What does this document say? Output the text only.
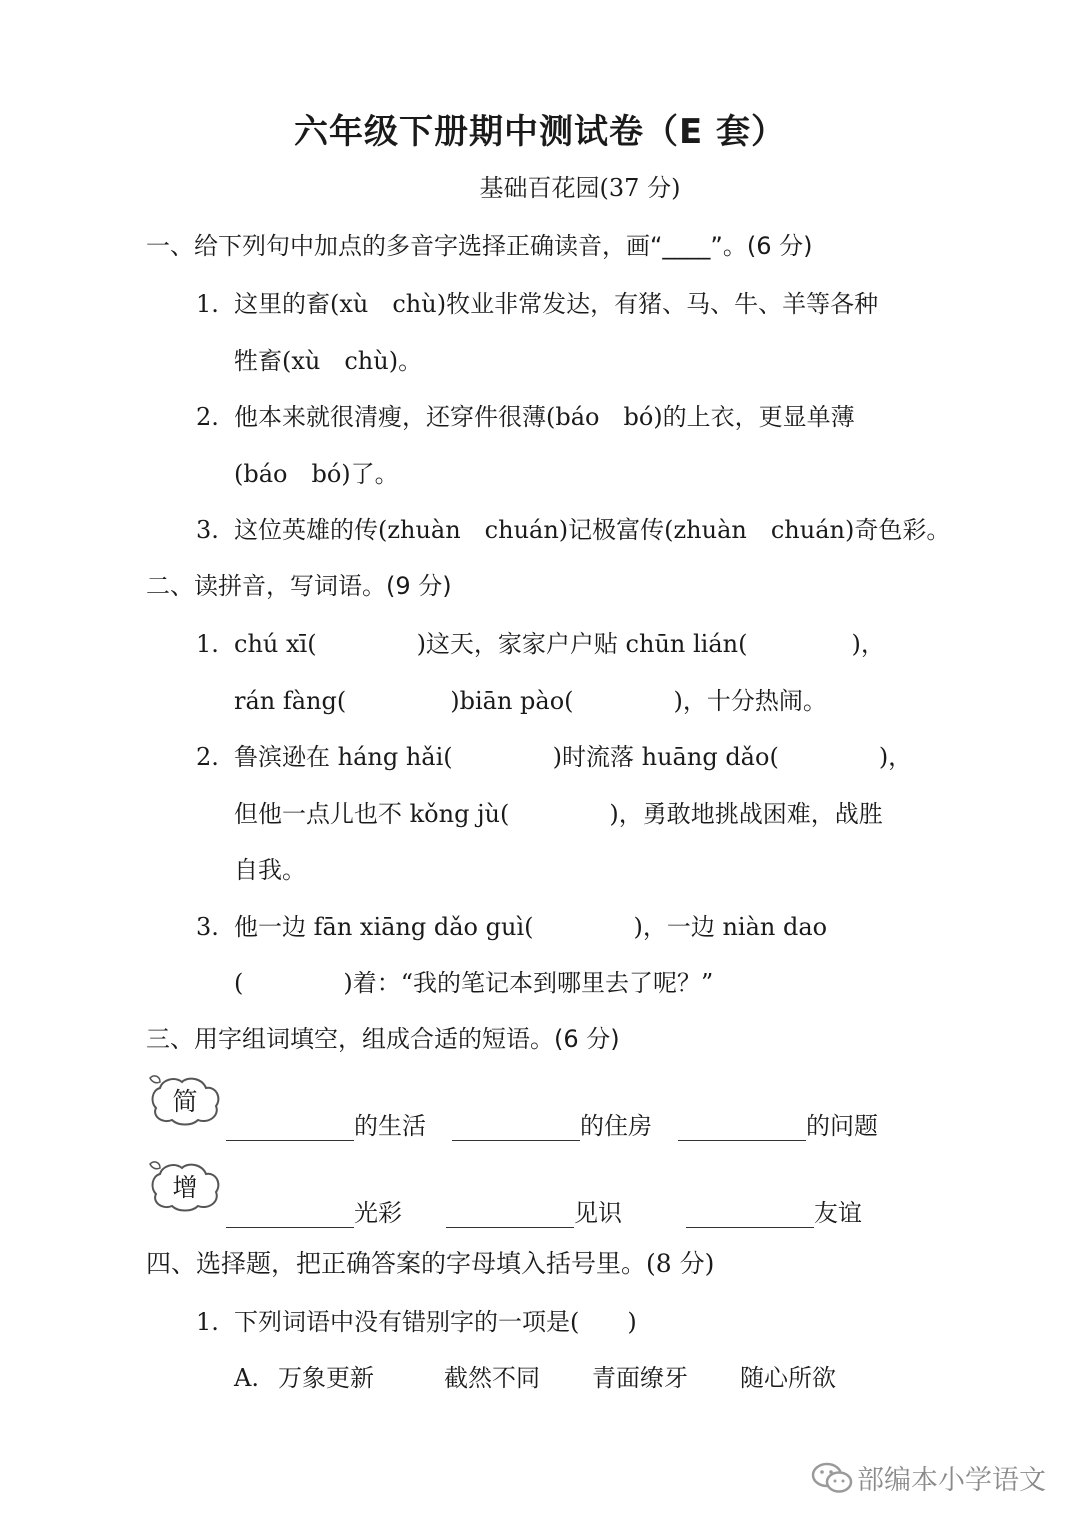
六年级下册期中测试卷（E 套）
基础百花园(37 分)
一、给下列句中加点的多音字选择正确读音，画“____”。(6 分)
1. 这里的畜(xù　chù)牧业非常发达，有猪、马、牛、羊等各种
牲畜(xù　chù)。
2. 他本来就很清瘦，还穿件很薄(báo　bó)的上衣，更显单薄
(báo　bó)了。
3. 这位英雄的传(zhuàn　chuán)记极富传(zhuàn　chuán)奇色彩。
二、读拼音，写词语。(9 分)
1. chú xī(	)这天，家家户户贴 chūn lián(	)，
rán fàng(	)biān pào(	)，十分热闹。
2. 鲁滨逊在 háng hǎi(	)时流落 huāng dǎo(	)，
但他一点儿也不 kǒng jù(	)，勇敢地挑战困难，战胜
自我。
3. 他一边 fān xiāng dǎo guì(	)，一边 niàn dao
(	)着：“我的笔记本到哪里去了呢？”
三、用字组词填空，组成合适的短语。(6 分)
简
的生活	的住房	的问题
增
光彩	见识	友谊
四、选择题，把正确答案的字母填入括号里。(8 分)
1. 下列词语中没有错别字的一项是(　　)
A. 万象更新	截然不同 青面缭牙 随心所欲
部编本小学语文
